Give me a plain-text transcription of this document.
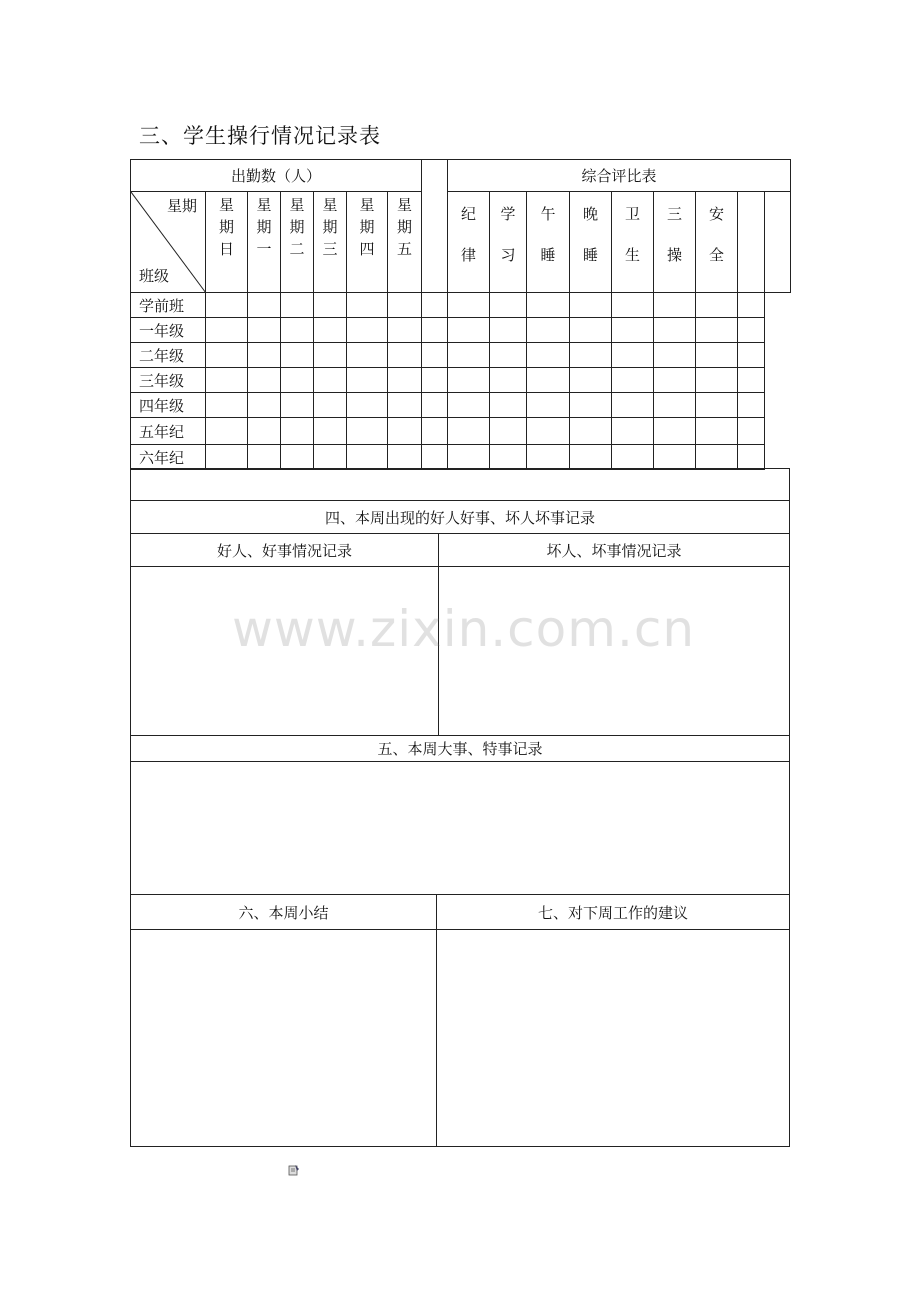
三、学生操行情况记录表
出勤数（人）								综合评比表								

星期
班级	星期日	星期一	星期二	星期三	星期四	星期五		纪律	学习	午睡	晚睡	卫生	三操	安全		
学前班																
一年级																
二年级																
三年级																
四年级																
五年纪																
六年纪																
四、本周出现的好人好事、坏人坏事记录
好人、好事情况记录	坏人、坏事情况记录
五、本周大事、特事记录
六、本周小结	七、对下周工作的建议
www.zixin.com.cn
